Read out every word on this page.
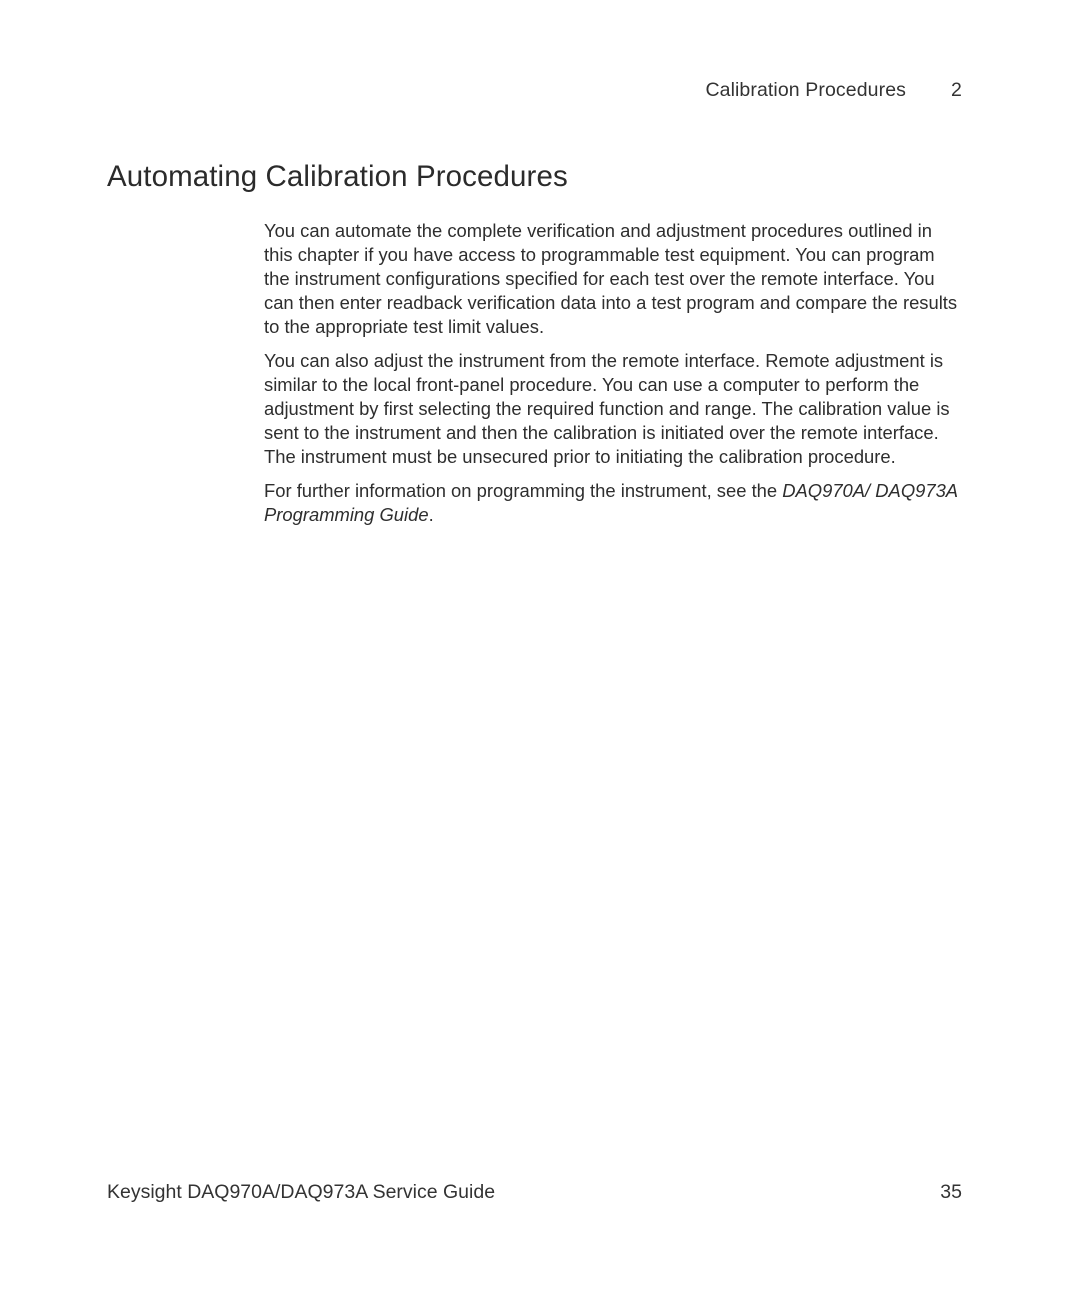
Calibration Procedures	2
Automating Calibration Procedures

You can automate the complete verification and adjustment procedures outlined in this chapter if you have access to programmable test equipment. You can program the instrument configurations specified for each test over the remote interface. You can then enter readback verification data into a test program and compare the results to the appropriate test limit values.

You can also adjust the instrument from the remote interface. Remote adjustment is similar to the local front-panel procedure. You can use a computer to perform the adjustment by first selecting the required function and range. The calibration value is sent to the instrument and then the calibration is initiated over the remote interface. The instrument must be unsecured prior to initiating the calibration procedure.

For further information on programming the instrument, see the DAQ970A/ DAQ973A Programming Guide.

Keysight DAQ970A/DAQ973A Service Guide	35
